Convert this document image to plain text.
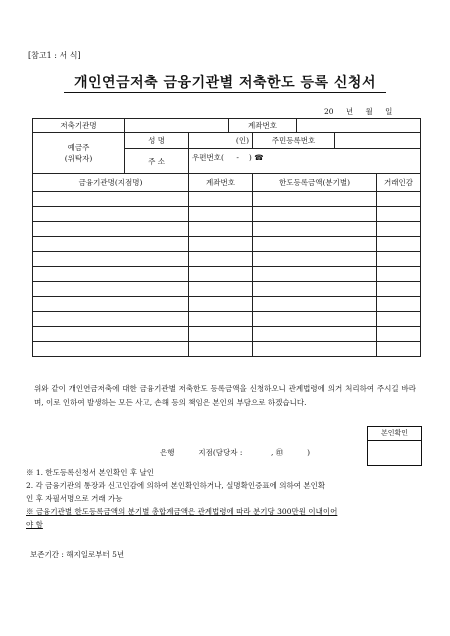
[참고1 : 서 식]
개인연금저축 금융기관별 저축한도 등록 신청서
20 년 월 일
저축기관명			계좌번호				

예금주
(위탁자)	성 명	(인)		주민등록번호			
	주 소	우편번호( - ) ☎					
금융기관명(지점명)		계좌번호		한도등록금액(분기별)			거래인감

위와 같이 개인연금저축에 대한 금융기관별 저축한도 등록금액을 신청하오니 관계법령에 의거 처리하여 주시길 바라며, 이로 인하여 발생하는 모든 사고, 손해 등의 책임은 본인의 부담으로 하겠습니다.
본인확인
은행          지점(담당자 :            , ㊞          )
※ 1. 한도등록신청서 본인확인 후 날인
2. 각 금융기관의 통장과 신고인감에 의하여 본인확인하거나, 실명확인증표에 의하여 본인확
인 후 자필서명으로 거래 가능
※ 금융기관별 한도등록금액의 분기별 총합계금액은 관계법령에 따라 분기당 300만원 이내이어
야 함
보존기간 : 해지일로부터 5년
